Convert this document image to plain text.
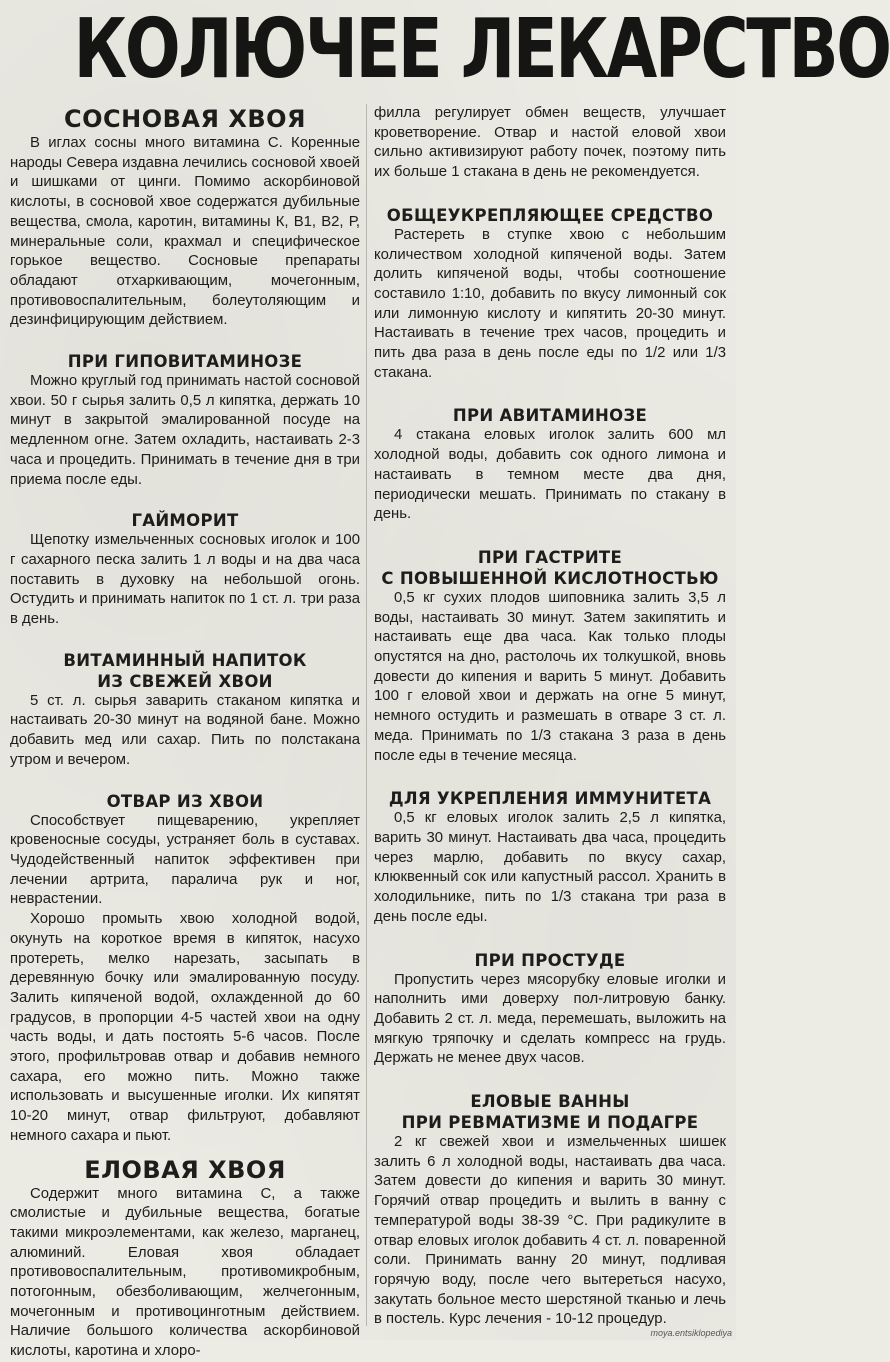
КОЛЮЧЕЕ ЛЕКАРСТВО
СОСНОВАЯ ХВОЯ

В иглах сосны много витамина С. Коренные народы Севера издавна лечились сосновой хвоей и шишками от цинги. Помимо аскорбиновой кислоты, в сосновой хвое содержатся дубильные вещества, смола, каротин, витамины К, В1, В2, Р, минеральные соли, крахмал и специфическое горькое вещество. Сосновые препараты обладают отхаркивающим, мочегонным, противовоспалительным, болеутоляющим и дезинфицирующим действием.

ПРИ ГИПОВИТАМИНОЗЕ

Можно круглый год принимать настой сосновой хвои. 50 г сырья залить 0,5 л кипятка, держать 10 минут в закрытой эмалированной посуде на медленном огне. Затем охладить, настаивать 2-3 часа и процедить. Принимать в течение дня в три приема после еды.

ГАЙМОРИТ

Щепотку измельченных сосновых иголок и 100 г сахарного песка залить 1 л воды и на два часа поставить в духовку на небольшой огонь. Остудить и принимать напиток по 1 ст. л. три раза в день.

ВИТАМИННЫЙ НАПИТОК
ИЗ СВЕЖЕЙ ХВОИ

5 ст. л. сырья заварить стаканом кипятка и настаивать 20-30 минут на водяной бане. Можно добавить мед или сахар. Пить по полстакана утром и вечером.

ОТВАР ИЗ ХВОИ

Способствует пищеварению, укрепляет кровеносные сосуды, устраняет боль в суставах. Чудодейственный напиток эффективен при лечении артрита, паралича рук и ног, неврастении.

Хорошо промыть хвою холодной водой, окунуть на короткое время в кипяток, насухо протереть, мелко нарезать, засыпать в деревянную бочку или эмалированную посуду. Залить кипяченой водой, охлажденной до 60 градусов, в пропорции 4-5 частей хвои на одну часть воды, и дать постоять 5-6 часов. После этого, профильтровав отвар и добавив немного сахара, его можно пить. Можно также использовать и высушенные иголки. Их кипятят 10-20 минут, отвар фильтруют, добавляют немного сахара и пьют.

ЕЛОВАЯ ХВОЯ

Содержит много витамина С, а также смолистые и дубильные вещества, богатые такими микроэлементами, как железо, марганец, алюминий. Еловая хвоя обладает противовоспалительным, противомикробным, потогонным, обезболивающим, желчегонным, мочегонным и противоцинготным действием. Наличие большого количества аскорбиновой кислоты, каротина и хлоро-

филла регулирует обмен веществ, улучшает кроветворение. Отвар и настой еловой хвои сильно активизируют работу почек, поэтому пить их больше 1 стакана в день не рекомендуется.

ОБЩЕУКРЕПЛЯЮЩЕЕ СРЕДСТВО

Растереть в ступке хвою с небольшим количеством холодной кипяченой воды. Затем долить кипяченой воды, чтобы соотношение составило 1:10, добавить по вкусу лимонный сок или лимонную кислоту и кипятить 20-30 минут. Настаивать в течение трех часов, процедить и пить два раза в день после еды по 1/2 или 1/3 стакана.

ПРИ АВИТАМИНОЗЕ

4 стакана еловых иголок залить 600 мл холодной воды, добавить сок одного лимона и настаивать в темном месте два дня, периодически мешать. Принимать по стакану в день.

ПРИ ГАСТРИТЕ
С ПОВЫШЕННОЙ КИСЛОТНОСТЬЮ

0,5 кг сухих плодов шиповника залить 3,5 л воды, настаивать 30 минут. Затем закипятить и настаивать еще два часа. Как только плоды опустятся на дно, растолочь их толкушкой, вновь довести до кипения и варить 5 минут. Добавить 100 г еловой хвои и держать на огне 5 минут, немного остудить и размешать в отваре 3 ст. л. меда. Принимать по 1/3 стакана 3 раза в день после еды в течение месяца.

ДЛЯ УКРЕПЛЕНИЯ ИММУНИТЕТА

0,5 кг еловых иголок залить 2,5 л кипятка, варить 30 минут. Настаивать два часа, процедить через марлю, добавить по вкусу сахар, клюквенный сок или капустный рассол. Хранить в холодильнике, пить по 1/3 стакана три раза в день после еды.

ПРИ ПРОСТУДЕ

Пропустить через мясорубку еловые иголки и наполнить ими доверху пол-литровую банку. Добавить 2 ст. л. меда, перемешать, выложить на мягкую тряпочку и сделать компресс на грудь. Держать не менее двух часов.

ЕЛОВЫЕ ВАННЫ
ПРИ РЕВМАТИЗМЕ И ПОДАГРЕ

2 кг свежей хвои и измельченных шишек залить 6 л холодной воды, настаивать два часа. Затем довести до кипения и варить 30 минут. Горячий отвар процедить и вылить в ванну с температурой воды 38-39 °С. При радикулите в отвар еловых иголок добавить 4 ст. л. поваренной соли. Принимать ванну 20 минут, подливая горячую воду, после чего вытереться насухо, закутать больное место шерстяной тканью и лечь в постель. Курс лечения - 10-12 процедур.

moya.entsiklopediya
